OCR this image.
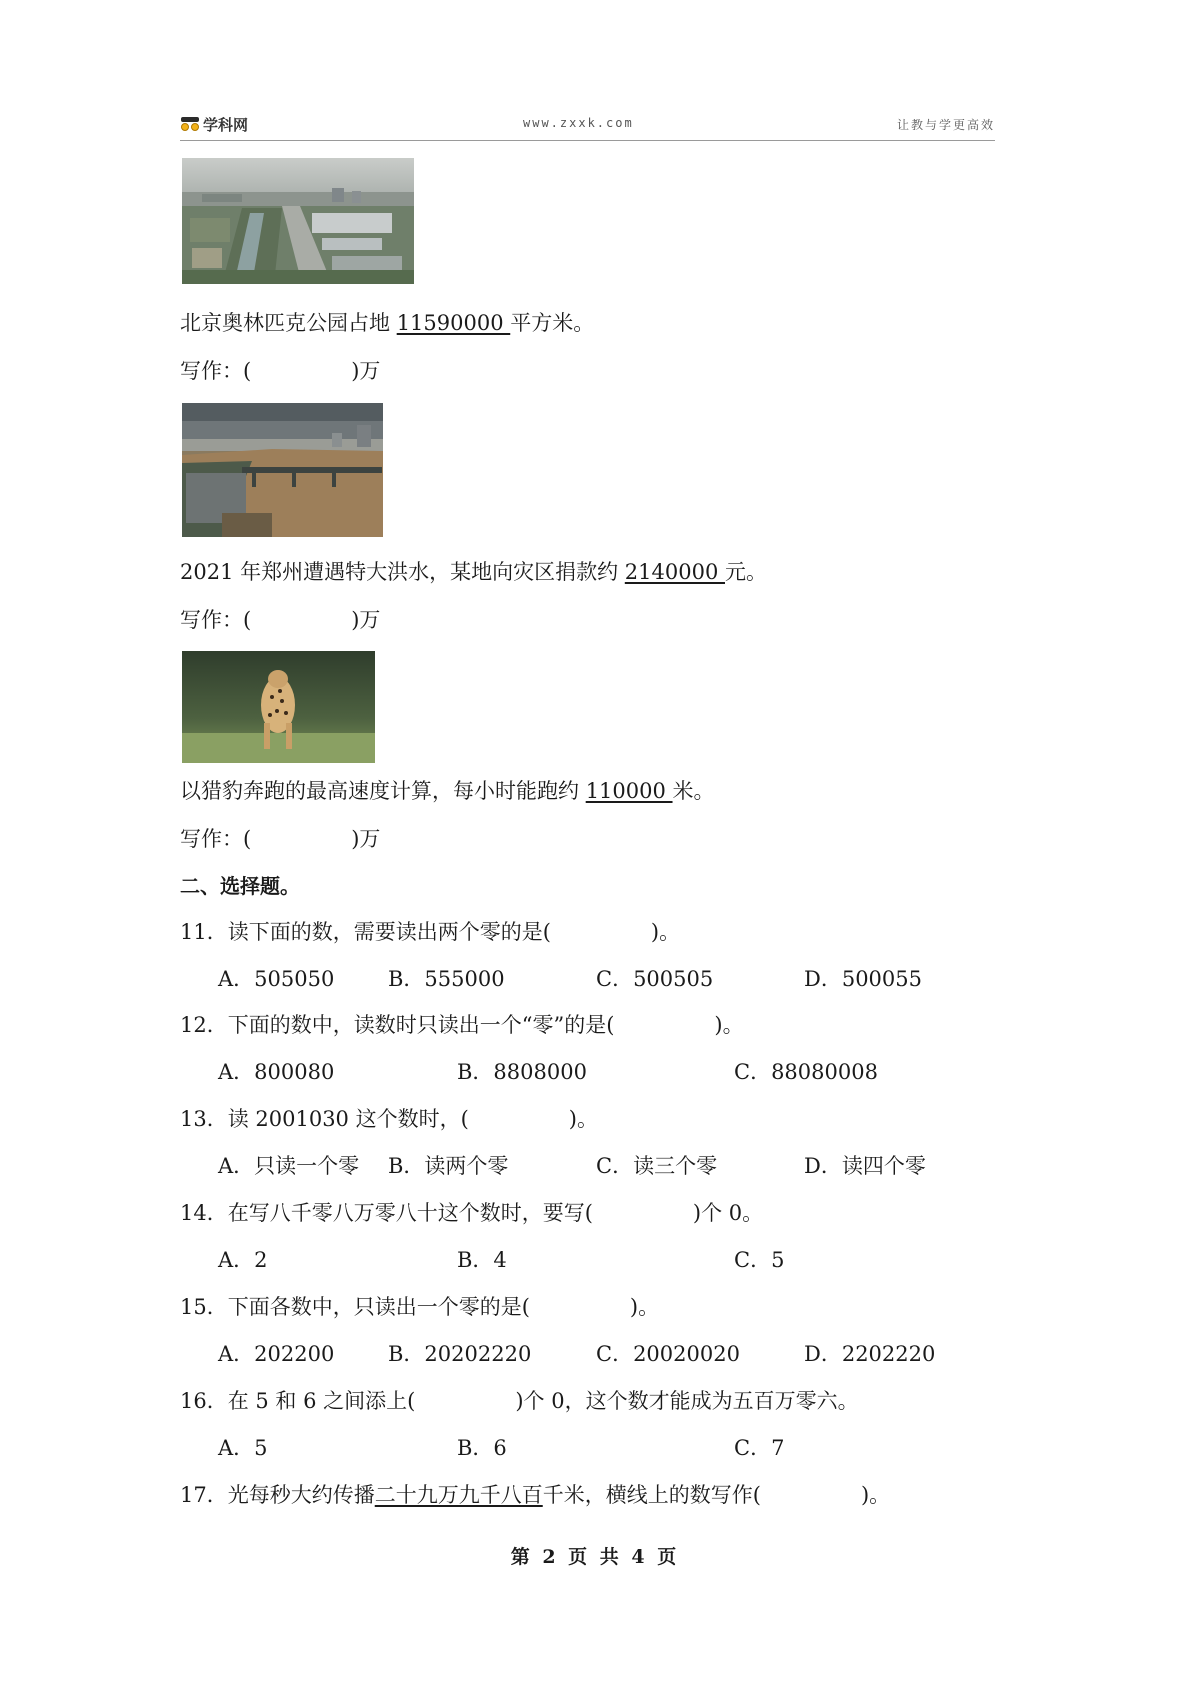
学科网	www.zxxk.com	让教与学更高效
北京奥林匹克公园占地 11590000 平方米。
写作：(	)万
2021 年郑州遭遇特大洪水，某地向灾区捐款约 2140000 元。
写作：(	)万
以猎豹奔跑的最高速度计算，每小时能跑约 110000 米。
写作：(	)万
二、选择题。
11．读下面的数，需要读出两个零的是(	)。
A．505050	B．555000	C．500505	D．500055
12．下面的数中，读数时只读出一个“零”的是(	)。
A．800080	B．8808000	C．88080008
13．读 2001030 这个数时，(	)。
A．只读一个零 B．读两个零	C．读三个零	D．读四个零
14．在写八千零八万零八十这个数时，要写(	)个 0。
A．2	B．4	C．5
15．下面各数中，只读出一个零的是(	)。
A．202200	B．20202220	C．20020020	D．2202220
16．在 5 和 6 之间添上(	)个 0，这个数才能成为五百万零六。
A．5	B．6	C．7
17．光每秒大约传播二十九万九千八百千米，横线上的数写作(	)。
第 2 页 共 4 页
